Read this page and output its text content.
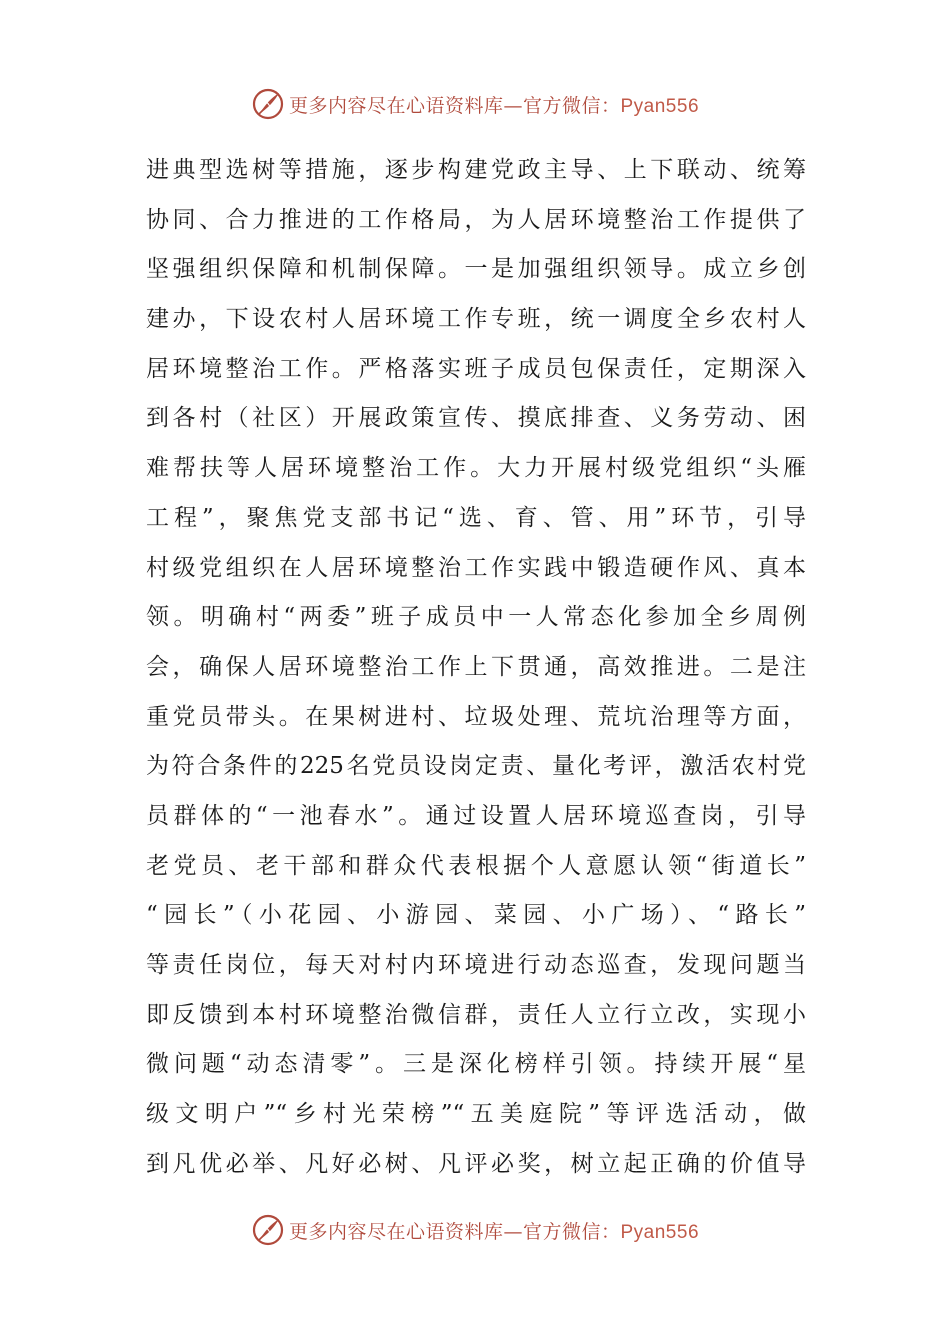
更多内容尽在心语资料库—官方微信：Pyan556
进典型选树等措施，逐步构建党政主导、上下联动、统筹
协同、合力推进的工作格局，为人居环境整治工作提供了
坚强组织保障和机制保障。一是加强组织领导。成立乡创
建办，下设农村人居环境工作专班，统一调度全乡农村人
居环境整治工作。严格落实班子成员包保责任，定期深入
到各村（社区）开展政策宣传、摸底排查、义务劳动、困
难帮扶等人居环境整治工作。大力开展村级党组织“头雁
工程”，聚焦党支部书记“选、育、管、用”环节，引导
村级党组织在人居环境整治工作实践中锻造硬作风、真本
领。明确村“两委”班子成员中一人常态化参加全乡周例
会，确保人居环境整治工作上下贯通，高效推进。二是注
重党员带头。在果树进村、垃圾处理、荒坑治理等方面，
为符合条件的225名党员设岗定责、量化考评，激活农村党
员群体的“一池春水”。通过设置人居环境巡查岗，引导
老党员、老干部和群众代表根据个人意愿认领“街道长”
“园长”（小花园、小游园、菜园、小广场）、“路长”
等责任岗位，每天对村内环境进行动态巡查，发现问题当
即反馈到本村环境整治微信群，责任人立行立改，实现小
微问题“动态清零”。三是深化榜样引领。持续开展“星
级文明户”“乡村光荣榜”“五美庭院”等评选活动，做
到凡优必举、凡好必树、凡评必奖，树立起正确的价值导
更多内容尽在心语资料库—官方微信：Pyan556
